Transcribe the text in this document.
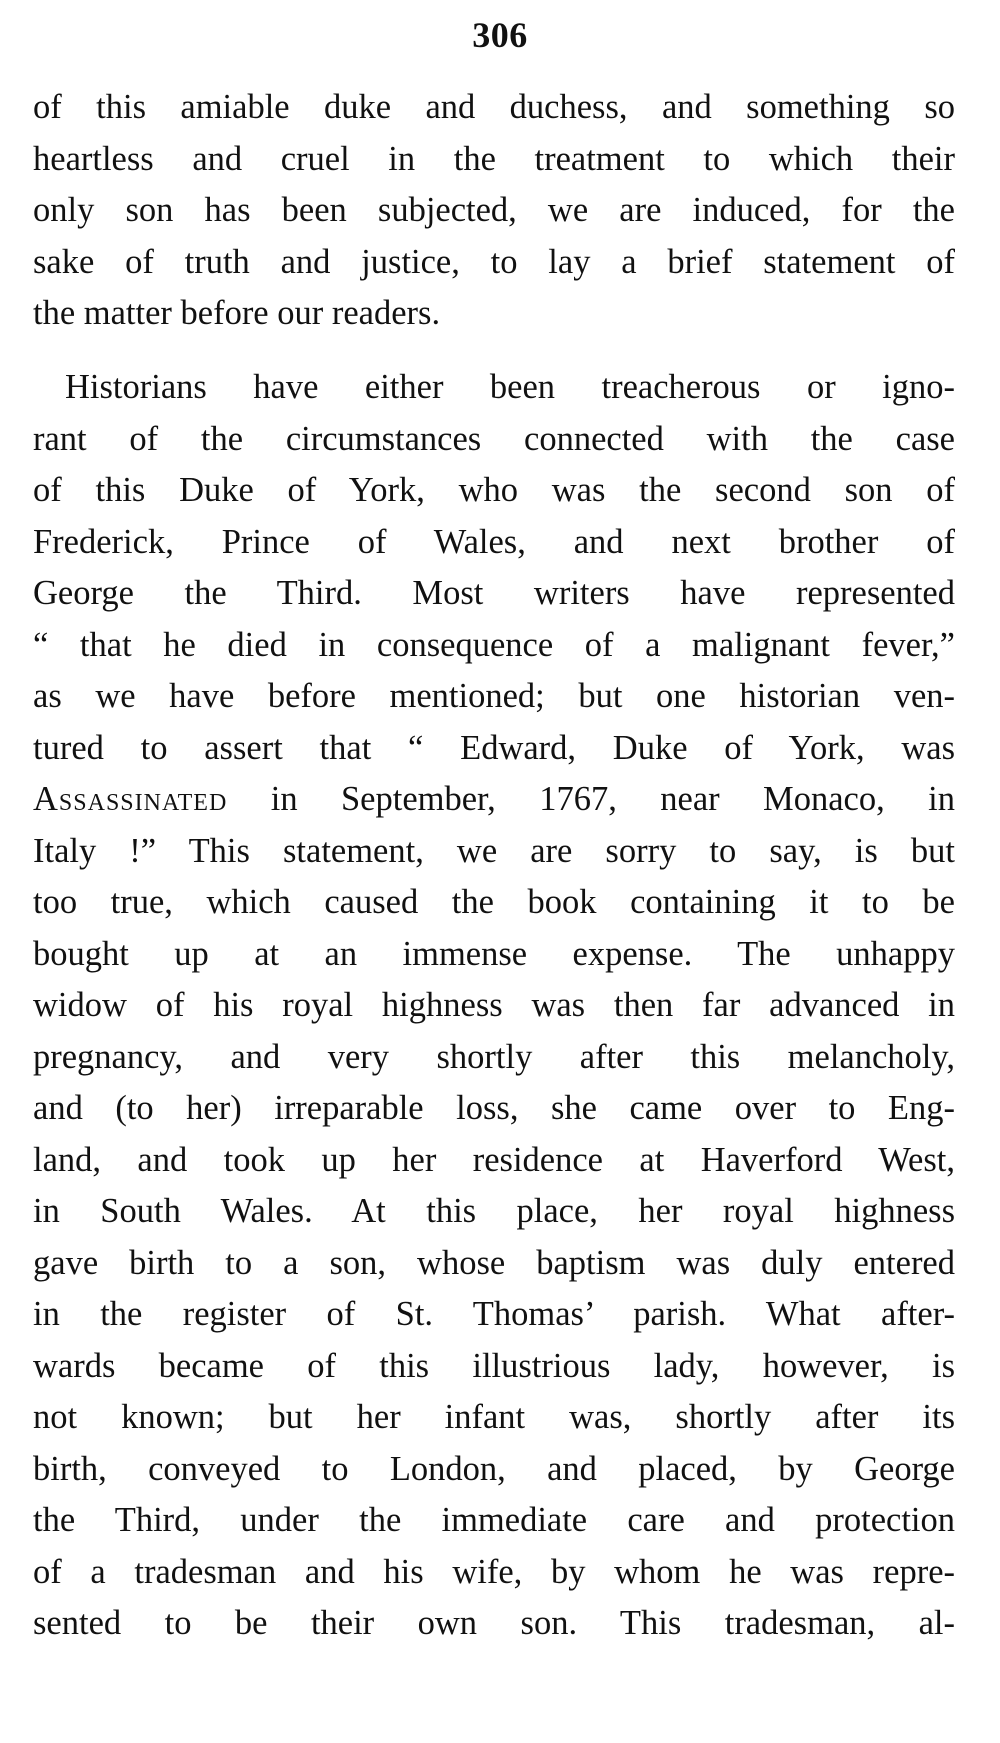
306
of this amiable duke and duchess, and something so
heartless and cruel in the treatment to which their
only son has been subjected, we are induced, for the
sake of truth and justice, to lay a brief statement of
the matter before our readers.
Historians have either been treacherous or igno-
rant of the circumstances connected with the case
of this Duke of York, who was the second son of
Frederick, Prince of Wales, and next brother of
George the Third. Most writers have represented
“ that he died in consequence of a malignant fever,”
as we have before mentioned; but one historian ven-
tured to assert that “ Edward, Duke of York, was
Assassinated in September, 1767, near Monaco, in
Italy !” This statement, we are sorry to say, is but
too true, which caused the book containing it to be
bought up at an immense expense. The unhappy
widow of his royal highness was then far advanced in
pregnancy, and very shortly after this melancholy,
and (to her) irreparable loss, she came over to Eng-
land, and took up her residence at Haverford West,
in South Wales. At this place, her royal highness
gave birth to a son, whose baptism was duly entered
in the register of St. Thomas’ parish. What after-
wards became of this illustrious lady, however, is
not known; but her infant was, shortly after its
birth, conveyed to London, and placed, by George
the Third, under the immediate care and protection
of a tradesman and his wife, by whom he was repre-
sented to be their own son. This tradesman, al-
